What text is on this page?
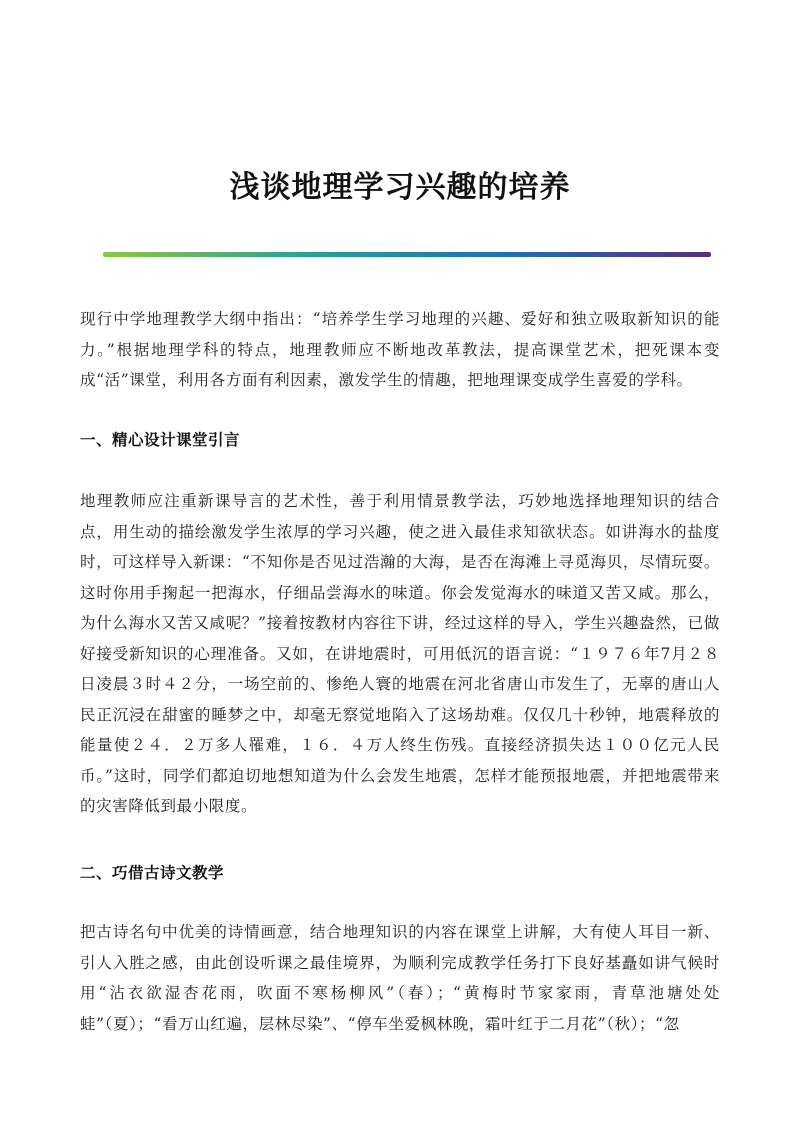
浅谈地理学习兴趣的培养

现行中学地理教学大纲中指出：“培养学生学习地理的兴趣、爱好和独立吸取新知识的能力。”根据地理学科的特点，地理教师应不断地改革教法，提高课堂艺术，把死课本变成“活”课堂，利用各方面有利因素，激发学生的情趣，把地理课变成学生喜爱的学科。

一、精心设计课堂引言

地理教师应注重新课导言的艺术性，善于利用情景教学法，巧妙地选择地理知识的结合点，用生动的描绘激发学生浓厚的学习兴趣，使之进入最佳求知欲状态。如讲海水的盐度时，可这样导入新课：“不知你是否见过浩瀚的大海，是否在海滩上寻觅海贝，尽情玩耍。这时你用手掬起一把海水，仔细品尝海水的味道。你会发觉海水的味道又苦又咸。那么，为什么海水又苦又咸呢？”接着按教材内容往下讲，经过这样的导入，学生兴趣盎然，已做好接受新知识的心理准备。又如，在讲地震时，可用低沉的语言说：“１９７６年7月２８日凌晨３时４２分，一场空前的、惨绝人寰的地震在河北省唐山市发生了，无辜的唐山人民正沉浸在甜蜜的睡梦之中，却毫无察觉地陷入了这场劫难。仅仅几十秒钟，地震释放的能量使２４．２万多人罹难，１６．４万人终生伤残。直接经济损失达１００亿元人民币。”这时，同学们都迫切地想知道为什么会发生地震，怎样才能预报地震，并把地震带来的灾害降低到最小限度。

二、巧借古诗文教学

把古诗名句中优美的诗情画意，结合地理知识的内容在课堂上讲解，大有使人耳目一新、引人入胜之感，由此创设听课之最佳境界，为顺利完成教学任务打下良好基矗如讲气候时用“沾衣欲湿杏花雨，吹面不寒杨柳风”（春）；“黄梅时节家家雨，青草池塘处处蛙”（夏）；“看万山红遍，层林尽染”、“停车坐爱枫林晚，霜叶红于二月花”（秋）；“忽
